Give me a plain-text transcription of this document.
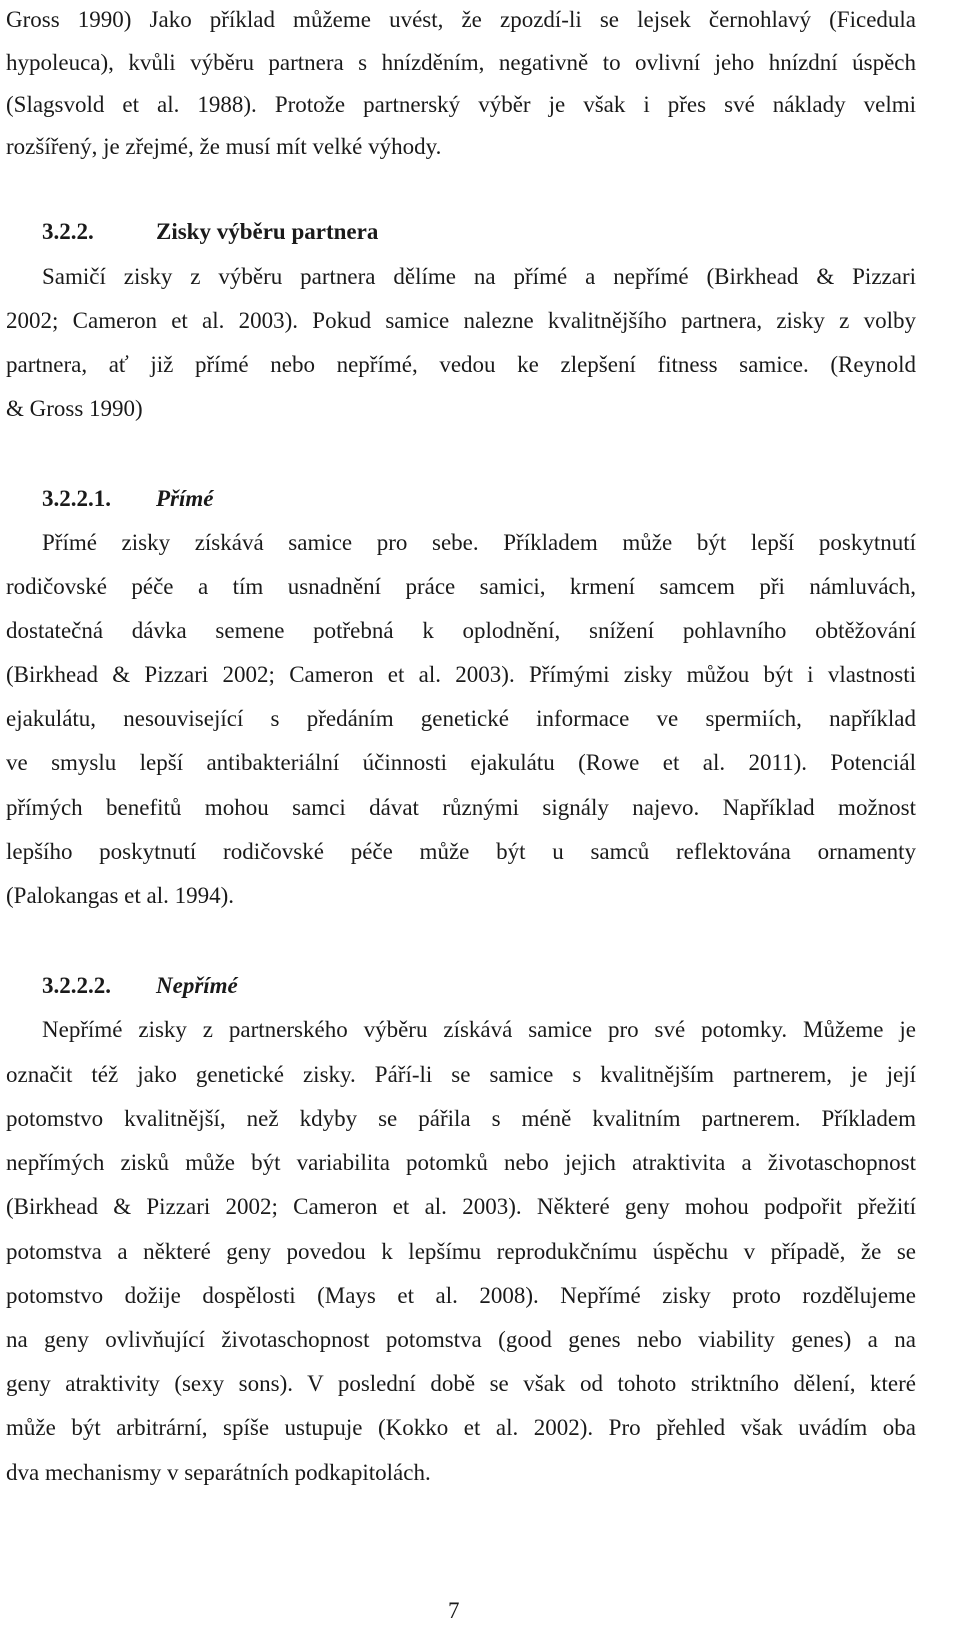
Gross 1990) Jako příklad můžeme uvést, že zpozdí-li se lejsek černohlavý (Ficedula
hypoleuca), kvůli výběru partnera s hnízděním, negativně to ovlivní jeho hnízdní úspěch
(Slagsvold et al. 1988). Protože partnerský výběr je však i přes své náklady velmi
rozšířený, je zřejmé, že musí mít velké výhody.
3.2.2.	Zisky výběru partnera
Samičí zisky z výběru partnera dělíme na přímé a nepřímé (Birkhead & Pizzari
2002; Cameron et al. 2003). Pokud samice nalezne kvalitnějšího partnera, zisky z volby
partnera, ať již přímé nebo nepřímé, vedou ke zlepšení fitness samice. (Reynold
& Gross 1990)
3.2.2.1. Přímé
Přímé zisky získává samice pro sebe. Příkladem může být lepší poskytnutí
rodičovské péče a tím usnadnění práce samici, krmení samcem při námluvách,
dostatečná dávka semene potřebná k oplodnění, snížení pohlavního obtěžování
(Birkhead & Pizzari 2002; Cameron et al. 2003). Přímými zisky můžou být i vlastnosti
ejakulátu, nesouvisející s předáním genetické informace ve spermiích, například
ve smyslu lepší antibakteriální účinnosti ejakulátu (Rowe et al. 2011). Potenciál
přímých benefitů mohou samci dávat různými signály najevo. Například možnost
lepšího poskytnutí rodičovské péče může být u samců reflektována ornamenty
(Palokangas et al. 1994).
3.2.2.2. Nepřímé
Nepřímé zisky z partnerského výběru získává samice pro své potomky. Můžeme je
označit též jako genetické zisky. Páří-li se samice s kvalitnějším partnerem, je její
potomstvo kvalitnější, než kdyby se pářila s méně kvalitním partnerem. Příkladem
nepřímých zisků může být variabilita potomků nebo jejich atraktivita a životaschopnost
(Birkhead & Pizzari 2002; Cameron et al. 2003). Některé geny mohou podpořit přežití
potomstva a některé geny povedou k lepšímu reprodukčnímu úspěchu v případě, že se
potomstvo dožije dospělosti (Mays et al. 2008). Nepřímé zisky proto rozdělujeme
na geny ovlivňující životaschopnost potomstva (good genes nebo viability genes) a na
geny atraktivity (sexy sons). V poslední době se však od tohoto striktního dělení, které
může být arbitrární, spíše ustupuje (Kokko et al. 2002). Pro přehled však uvádím oba
dva mechanismy v separátních podkapitolách.
7
